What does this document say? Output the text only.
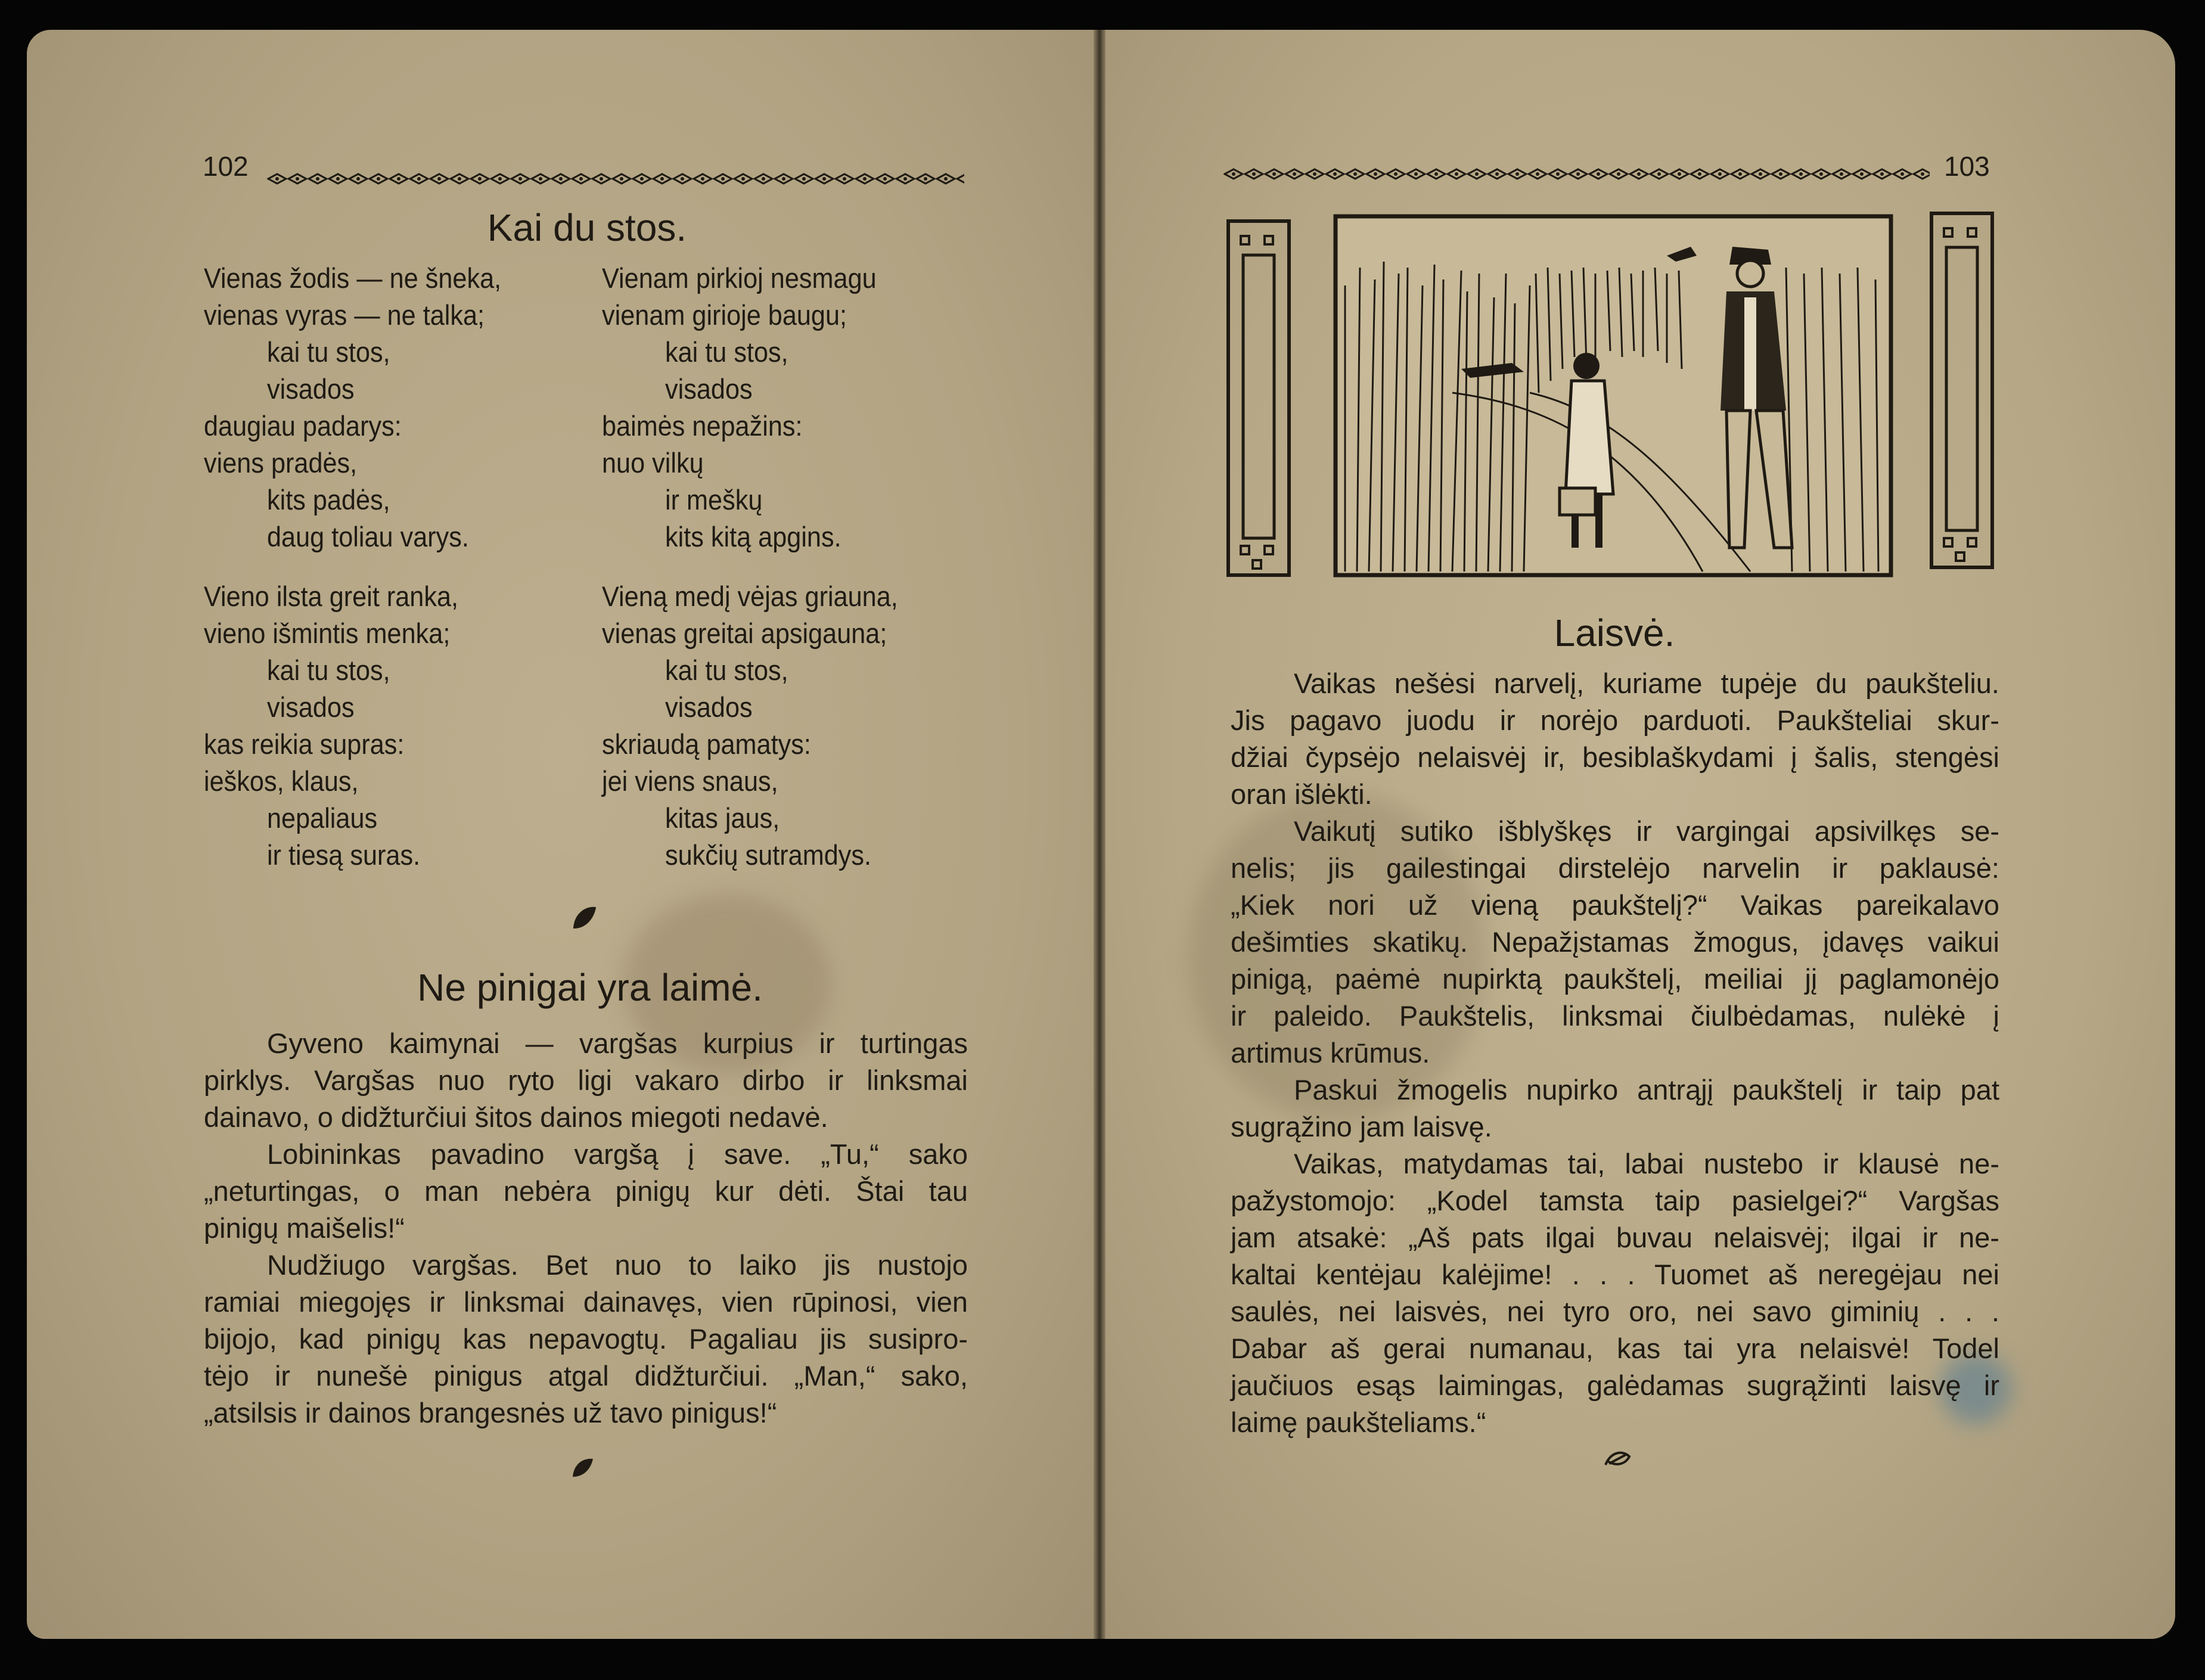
102
Kai du stos.
Vienas žodis — ne šneka,
vienas vyras — ne talka;
kai tu stos,
visados
daugiau padarys:
viens pradės,
kits padės,
daug toliau varys.
Vienam pirkioj nesmagu
vienam girioje baugu;
kai tu stos,
visados
baimės nepažins:
nuo vilkų
ir meškų
kits kitą apgins.
Vieno ilsta greit ranka,
vieno išmintis menka;
kai tu stos,
visados
kas reikia supras:
ieškos, klaus,
nepaliaus
ir tiesą suras.
Vieną medį vėjas griauna,
vienas greitai apsigauna;
kai tu stos,
visados
skriaudą pamatys:
jei viens snaus,
kitas jaus,
sukčių sutramdys.
Ne pinigai yra laimė.
Gyveno kaimynai — vargšas kurpius ir turtingas
pirklys. Vargšas nuo ryto ligi vakaro dirbo ir linksmai
dainavo, o didžturčiui šitos dainos miegoti nedavė.
Lobininkas pavadino vargšą į save. „Tu,“ sako
„neturtingas, o man nebėra pinigų kur dėti. Štai tau
pinigų maišelis!“
Nudžiugo vargšas. Bet nuo to laiko jis nustojo
ramiai miegojęs ir linksmai dainavęs, vien rūpinosi, vien
bijojo, kad pinigų kas nepavogtų. Pagaliau jis susipro-
tėjo ir nunešė pinigus atgal didžturčiui. „Man,“ sako,
„atsilsis ir dainos brangesnės už tavo pinigus!“
103
Laisvė.
Vaikas nešėsi narvelį, kuriame tupėje du paukšteliu.
Jis pagavo juodu ir norėjo parduoti. Paukšteliai skur-
džiai čypsėjo nelaisvėj ir, besiblaškydami į šalis, stengėsi
oran išlėkti.
Vaikutį sutiko išblyškęs ir vargingai apsivilkęs se-
nelis; jis gailestingai dirstelėjo narvelin ir paklausė:
„Kiek nori už vieną paukštelį?“ Vaikas pareikalavo
dešimties skatikų. Nepažįstamas žmogus, įdavęs vaikui
pinigą, paėmė nupirktą paukštelį, meiliai jį paglamonėjo
ir paleido. Paukštelis, linksmai čiulbėdamas, nulėkė į
artimus krūmus.
Paskui žmogelis nupirko antrąjį paukštelį ir taip pat
sugrąžino jam laisvę.
Vaikas, matydamas tai, labai nustebo ir klausė ne-
pažystomojo: „Kodel tamsta taip pasielgei?“ Vargšas
jam atsakė: „Aš pats ilgai buvau nelaisvėj; ilgai ir ne-
kaltai kentėjau kalėjime! . . . Tuomet aš neregėjau nei
saulės, nei laisvės, nei tyro oro, nei savo giminių . . .
Dabar aš gerai numanau, kas tai yra nelaisvė! Todel
jaučiuos esąs laimingas, galėdamas sugrąžinti laisvę ir
laimę paukšteliams.“
